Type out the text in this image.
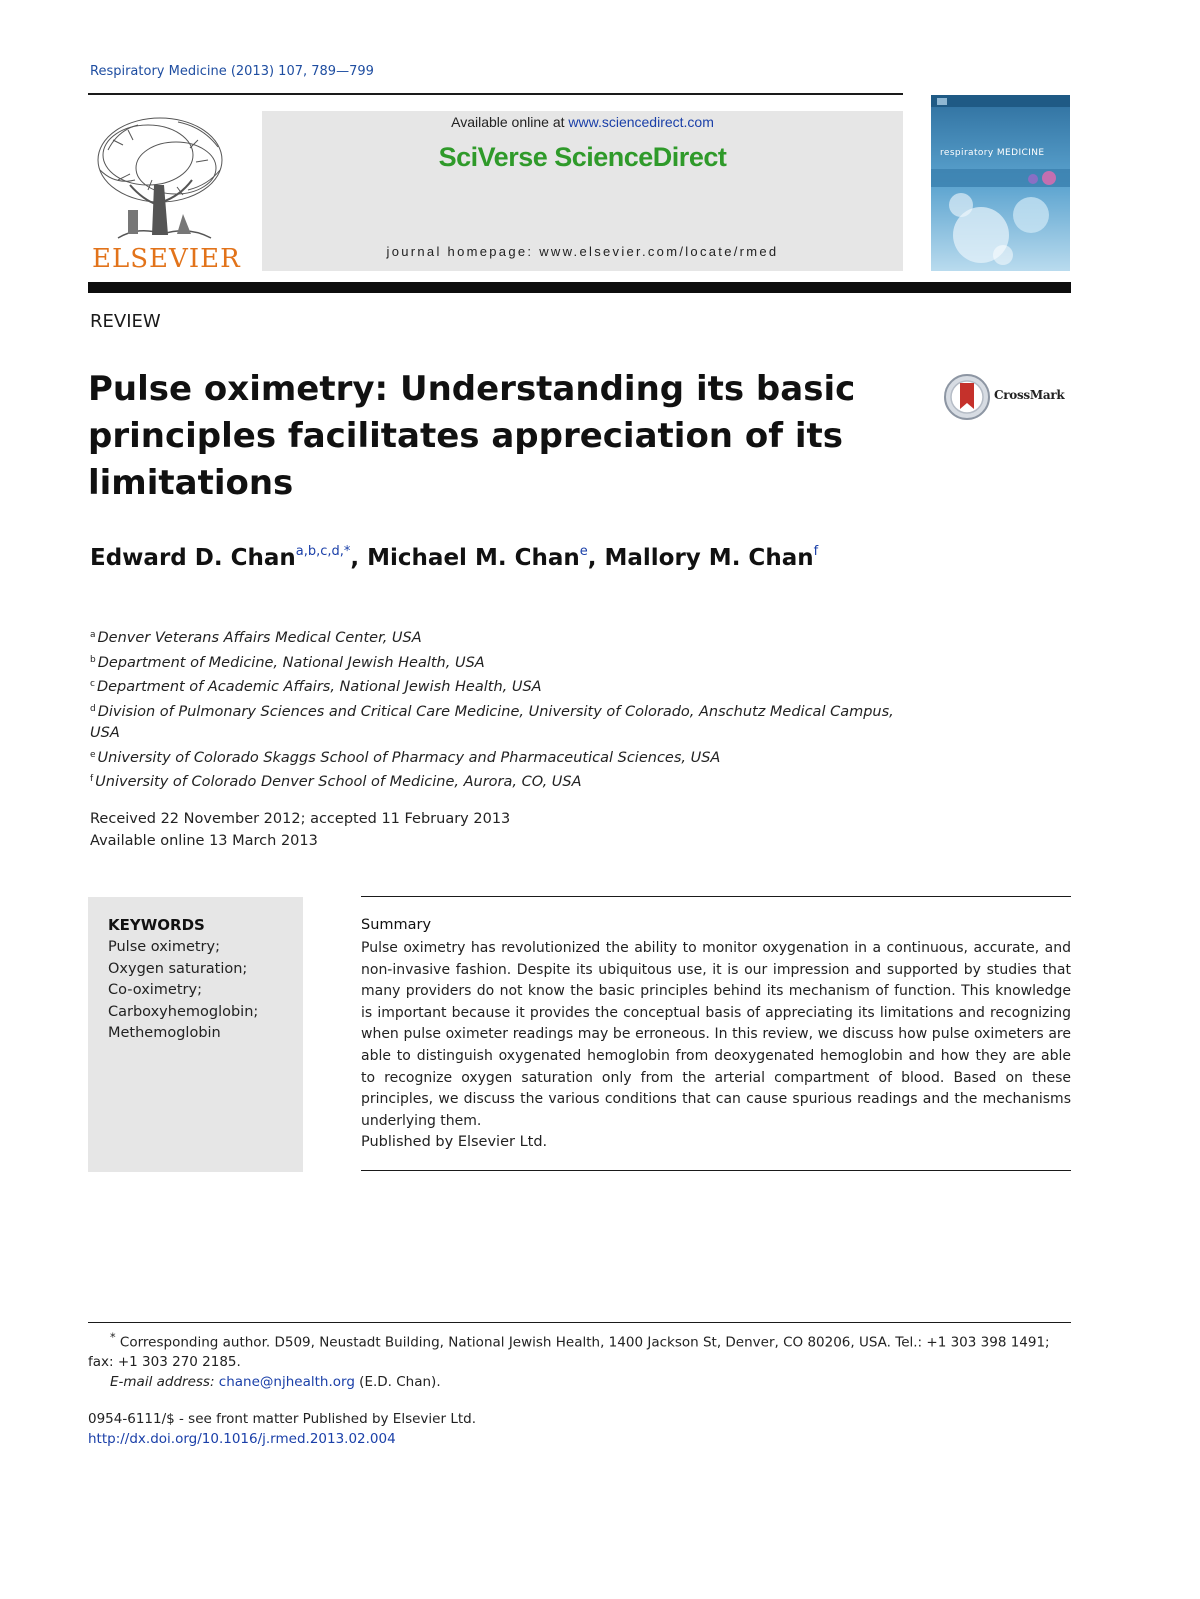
Respiratory Medicine (2013) 107, 789—799
ELSEVIER
Available online at www.sciencedirect.com
SciVerse ScienceDirect
journal homepage: www.elsevier.com/locate/rmed
respiratory MEDICINE
REVIEW
Pulse oximetry: Understanding its basic principles facilitates appreciation of its limitations
CrossMark
Edward D. Chan$^{a,b,c,d,*}$, Michael M. Chan$^e$, Mallory M. Chan$^f$
$^a$ Denver Veterans Affairs Medical Center, USA
$^b$ Department of Medicine, National Jewish Health, USA
$^c$ Department of Academic Affairs, National Jewish Health, USA
$^d$ Division of Pulmonary Sciences and Critical Care Medicine, University of Colorado, Anschutz Medical Campus, USA
$^e$ University of Colorado Skaggs School of Pharmacy and Pharmaceutical Sciences, USA
$^f$ University of Colorado Denver School of Medicine, Aurora, CO, USA
Received 22 November 2012; accepted 11 February 2013
Available online 13 March 2013
KEYWORDS
Pulse oximetry;
Oxygen saturation;
Co-oximetry;
Carboxyhemoglobin;
Methemoglobin
Summary
Pulse oximetry has revolutionized the ability to monitor oxygenation in a continuous, accurate, and non-invasive fashion. Despite its ubiquitous use, it is our impression and supported by studies that many providers do not know the basic principles behind its mechanism of function. This knowledge is important because it provides the conceptual basis of appreciating its limitations and recognizing when pulse oximeter readings may be erroneous. In this review, we discuss how pulse oximeters are able to distinguish oxygenated hemoglobin from deoxygenated hemoglobin and how they are able to recognize oxygen saturation only from the arterial compartment of blood. Based on these principles, we discuss the various conditions that can cause spurious readings and the mechanisms underlying them.
Published by Elsevier Ltd.
* Corresponding author. D509, Neustadt Building, National Jewish Health, 1400 Jackson St, Denver, CO 80206, USA. Tel.: +1 303 398 1491; fax: +1 303 270 2185.
E-mail address: chane@njhealth.org (E.D. Chan).
0954-6111/$ - see front matter Published by Elsevier Ltd.
http://dx.doi.org/10.1016/j.rmed.2013.02.004
